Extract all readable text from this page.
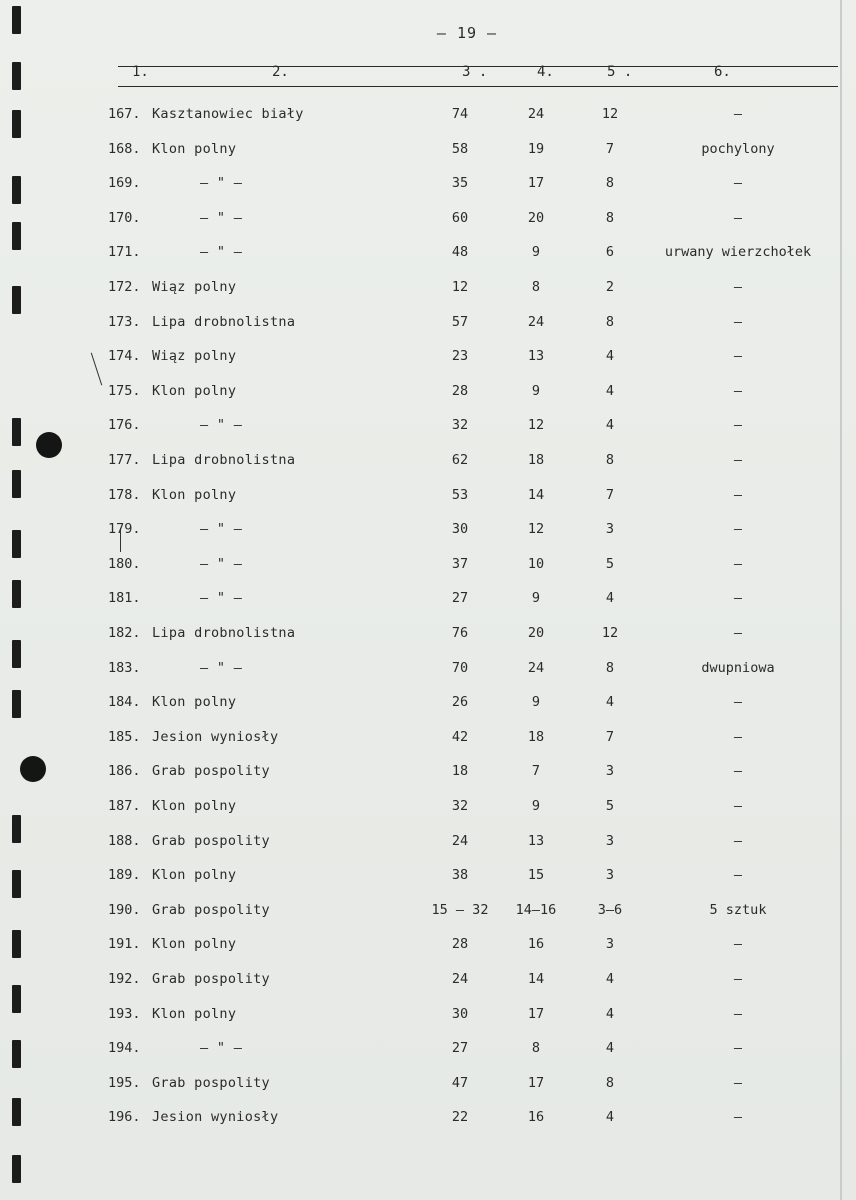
— 19 —
1.	2.	3 .	4.	5 .	6.
167. Kasztanowiec biały	74	24	12	–
168. Klon polny	58	19	7	pochylony
169.	– " –	35	17	8	–
170.	– " –	60	20	8	–
171.	– " –	48	9	6	urwany wierzchołek
172. Wiąz polny	12	8	2	–
173. Lipa drobnolistna	57	24	8	–
174. Wiąz polny	23	13	4	–
175. Klon polny	28	9	4	–
176.	– " –	32	12	4	–
177. Lipa drobnolistna	62	18	8	–
178. Klon polny	53	14	7	–
179.	– " –	30	12	3	–
180.	– " –	37	10	5	–
181.	– " –	27	9	4	–
182. Lipa drobnolistna	76	20	12	–
183.	– " –	70	24	8	dwupniowa
184. Klon polny	26	9	4	–
185. Jesion wyniosły	42	18	7	–
186. Grab pospolity	18	7	3	–
187. Klon polny	32	9	5	–
188. Grab pospolity	24	13	3	–
189. Klon polny	38	15	3	–
190. Grab pospolity	15 – 32	14–16	3–6	5 sztuk
191. Klon polny	28	16	3	–
192. Grab pospolity	24	14	4	–
193. Klon polny	30	17	4	–
194.	– " –	27	8	4	–
195. Grab pospolity	47	17	8	–
196. Jesion wyniosły	22	16	4	–
